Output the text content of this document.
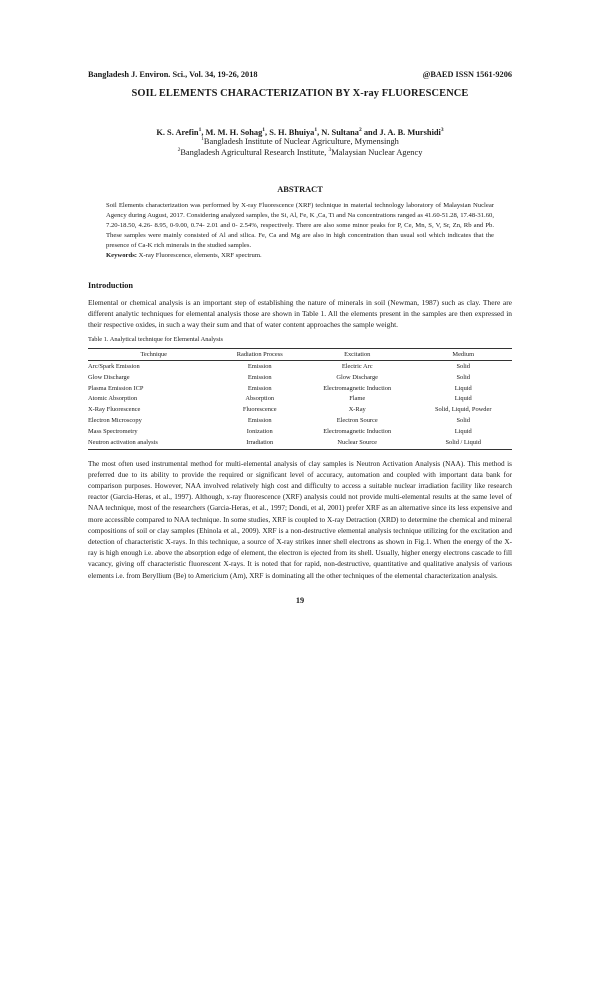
Bangladesh J. Environ. Sci., Vol. 34, 19-26, 2018	@BAED ISSN 1561-9206
SOIL ELEMENTS CHARACTERIZATION BY X-ray FLUORESCENCE
K. S. Arefin$^1$, M. M. H. Sohag$^1$, S. H. Bhuiya$^1$, N. Sultana$^2$ and J. A. B. Murshidi$^3$
$^1$Bangladesh Institute of Nuclear Agriculture, Mymensingh
$^2$Bangladesh Agricultural Research Institute, $^3$Malaysian Nuclear Agency
ABSTRACT
Soil Elements characterization was performed by X-ray Fluorescence (XRF) technique in material technology laboratory of Malaysian Nuclear Agency during August, 2017. Considering analyzed samples, the Si, Al, Fe, K ,Ca, Ti and Na concentrations ranged as 41.60-51.28, 17.48-31.60, 7.20-18.50, 4.26- 8.95, 0-9.00, 0.74- 2.01 and 0- 2.54%, respectively. There are also some minor peaks for P, Ce, Mn, S, V, Sr, Zn, Rb and Pb. These samples were mainly consisted of Al and silica. Fe, Ca and Mg are also in high concentration than usual soil which indicates that the presence of Ca-K rich minerals in the studied samples.
Keywords: X-ray Fluorescence, elements, XRF spectrum.
Introduction
Elemental or chemical analysis is an important step of establishing the nature of minerals in soil (Newman, 1987) such as clay. There are different analytic techniques for elemental analysis those are shown in Table 1. All the elements present in the samples are then expressed in their respective oxides, in such a way their sum and that of water content approaches the sample weight.
Table 1. Analytical technique for Elemental Analysis
Technique	Radiation Process	Excitation	Medium
Arc/Spark Emission	Emission	Electric Arc	Solid
Glow Discharge	Emission	Glow Discharge	Solid
Plasma Emission ICP	Emission	Electromagnetic Induction	Liquid
Atomic Absorption	Absorption	Flame	Liquid
X-Ray Fluorescence	Fluorescence	X-Ray	Solid, Liquid, Powder
Electron Microscopy	Emission	Electron Source	Solid
Mass Spectrometry	Ionization	Electromagnetic Induction	Liquid
Neutron activation analysis	Irradiation	Nuclear Source	Solid / Liquid
The most often used instrumental method for multi-elemental analysis of clay samples is Neutron Activation Analysis (NAA). This method is preferred due to its ability to provide the required or significant level of accuracy, automation and coupled with important data bank for comparison purposes. However, NAA involved relatively high cost and difficulty to access a suitable nuclear irradiation facility like research reactor (Garcia-Heras, et al., 1997). Although, x-ray fluorescence (XRF) analysis could not provide multi-elemental results at the same level of NAA technique, most of the researchers (Garcia-Heras, et al., 1997; Dondi, et al, 2001) prefer XRF as an alternative since its less expensive and more accessible compared to NAA technique. In some studies, XRF is coupled to X-ray Detraction (XRD) to determine the chemical and mineral compositions of soil or clay samples (Ehinola et al., 2009). XRF is a non-destructive elemental analysis technique utilizing for the excitation and detection of characteristic X-rays. In this technique, a source of X-ray strikes inner shell electrons as shown in Fig.1. When the energy of the X-ray is high enough i.e. above the absorption edge of element, the electron is ejected from its shell. Usually, higher energy electrons cascade to fill vacancy, giving off characteristic fluorescent X-rays. It is noted that for rapid, non-destructive, quantitative and qualitative analysis of various elements i.e. from Beryllium (Be) to Americium (Am), XRF is dominating all the other techniques of the elemental characterization analysis.
19
